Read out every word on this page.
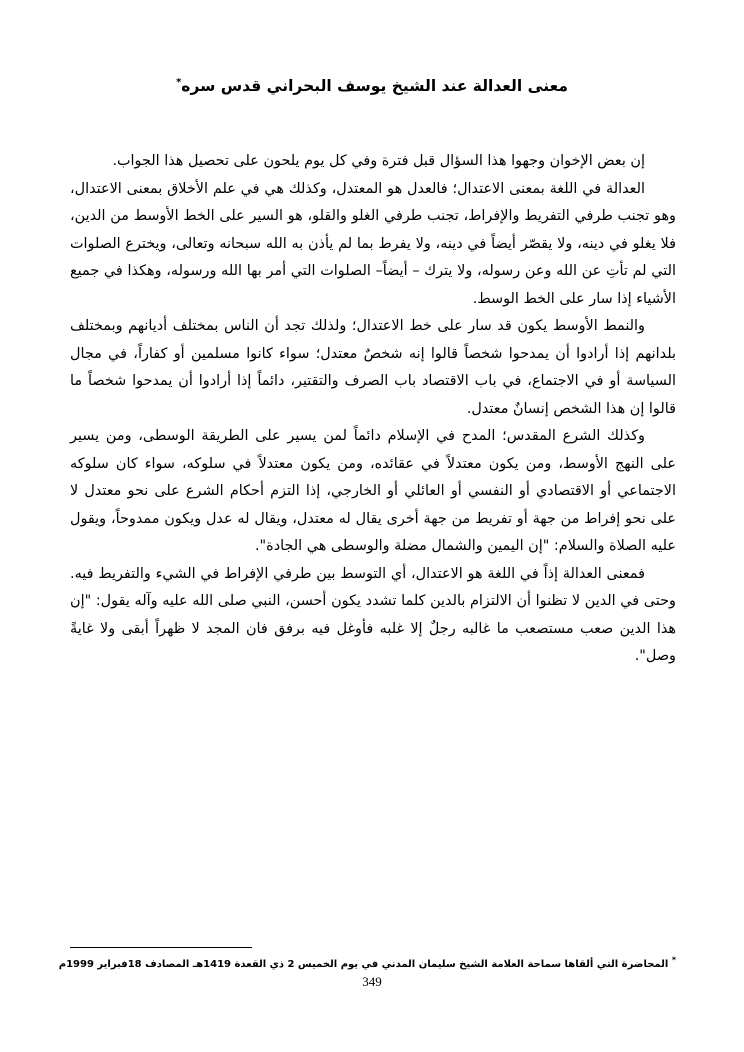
معنى العدالة عند الشيخ يوسف البحراني قدس سره*

إن بعض الإخوان وجهوا هذا السؤال قبل فترة وفي كل يوم يلحون على تحصيل هذا الجواب.

العدالة في اللغة بمعنى الاعتدال؛ فالعدل هو المعتدل، وكذلك هي في علم الأخلاق بمعنى الاعتدال، وهو تجنب طرفي التفريط والإفراط، تجنب طرفي الغلو والقلو، هو السير على الخط الأوسط من الدين، فلا يغلو في دينه، ولا يقصّر أيضاً في دينه، ولا يفرط بما لم يأذن به الله سبحانه وتعالى، ويخترع الصلوات التي لم تأتِ عن الله وعن رسوله، ولا يترك – أيضاً– الصلوات التي أمر بها الله ورسوله، وهكذا في جميع الأشياء إذا سار على الخط الوسط.

والنمط الأوسط يكون قد سار على خط الاعتدال؛ ولذلك تجد أن الناس بمختلف أديانهم وبمختلف بلدانهم إذا أرادوا أن يمدحوا شخصاً قالوا إنه شخصٌ معتدل؛ سواء كانوا مسلمين أو كفاراً، في مجال السياسة أو في الاجتماع، في باب الاقتصاد باب الصرف والتقتير، دائماً إذا أرادوا أن يمدحوا شخصاً ما قالوا إن هذا الشخص إنسانٌ معتدل.

وكذلك الشرع المقدس؛ المدح في الإسلام دائماً لمن يسير على الطريقة الوسطى، ومن يسير على النهج الأوسط، ومن يكون معتدلاً في عقائده، ومن يكون معتدلاً في سلوكه، سواء كان سلوكه الاجتماعي أو الاقتصادي أو النفسي أو العائلي أو الخارجي، إذا التزم أحكام الشرع على نحو معتدل لا على نحو إفراط من جهة أو تفريط من جهة أخرى يقال له معتدل، ويقال له عدل ويكون ممدوحاً، ويقول عليه الصلاة والسلام: "إن اليمين والشمال مضلة والوسطى هي الجادة".

فمعنى العدالة إذاً في اللغة هو الاعتدال، أي التوسط بين طرفي الإفراط في الشيء والتفريط فيه. وحتى في الدين لا تظنوا أن الالتزام بالدين كلما تشدد يكون أحسن، النبي صلى الله عليه وآله يقول: "إن هذا الدين صعب مستصعب ما غالبه رجلٌ إلا غلبه فأوغل فيه برفق فان المجد لا ظهراً أبقى ولا غايةً وصل".

* المحاضرة التي ألقاها سماحة العلامة الشيخ سليمان المدني في يوم الخميس 2 ذي القعدة 1419هـ المصادف 18فبراير 1999م
349
